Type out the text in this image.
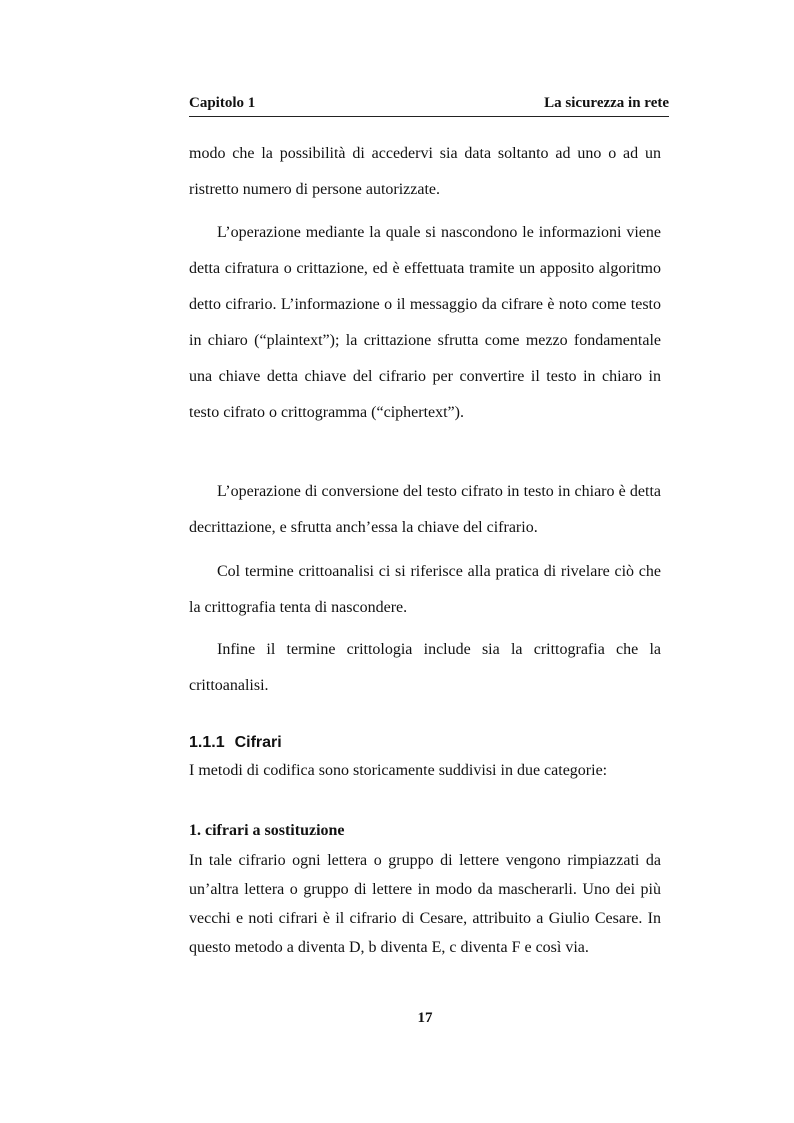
Capitolo 1	La sicurezza in rete

modo che la possibilità di accedervi sia data soltanto ad uno o ad un ristretto numero di persone autorizzate.

L’operazione mediante la quale si nascondono le informazioni viene detta cifratura o crittazione, ed è effettuata tramite un apposito algoritmo detto cifrario. L’informazione o il messaggio da cifrare è noto come testo in chiaro (“plaintext”); la crittazione sfrutta come mezzo fondamentale una chiave detta chiave del cifrario per convertire il testo in chiaro in testo cifrato o crittogramma (“ciphertext”).

L’operazione di conversione del testo cifrato in testo in chiaro è detta decrittazione, e sfrutta anch’essa la chiave del cifrario.

Col termine crittoanalisi ci si riferisce alla pratica di rivelare ciò che la crittografia tenta di nascondere.

Infine il termine crittologia include sia la crittografia che la crittoanalisi.

1.1.1 Cifrari

I metodi di codifica sono storicamente suddivisi in due categorie:

1. cifrari a sostituzione

In tale cifrario ogni lettera o gruppo di lettere vengono rimpiazzati da un’altra lettera o gruppo di lettere in modo da mascherarli. Uno dei più vecchi e noti cifrari è il cifrario di Cesare, attribuito a Giulio Cesare. In questo metodo a diventa D, b diventa E, c diventa F e così via.

17
